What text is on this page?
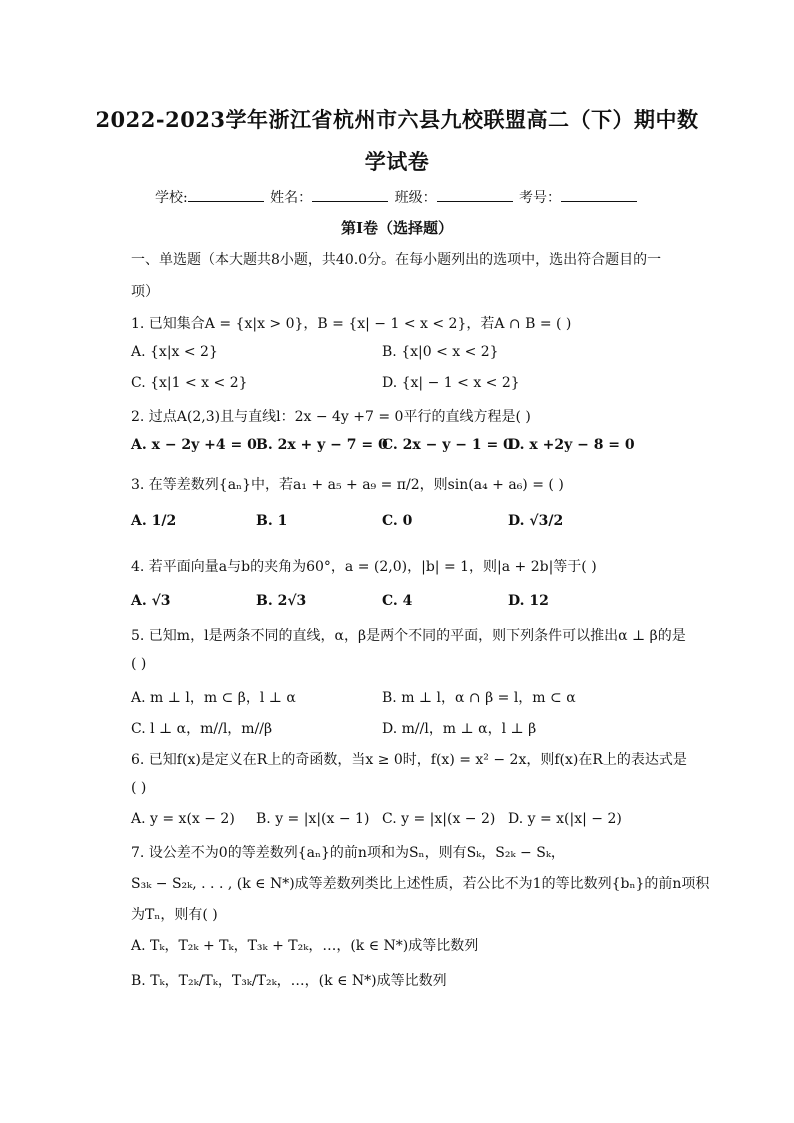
2022-2023学年浙江省杭州市六县九校联盟高二（下）期中数
学试卷
学校:	姓名：	班级：	考号：
第I卷（选择题）
一、单选题（本大题共8小题，共40.0分。在每小题列出的选项中，选出符合题目的一
项）
1. 已知集合A = {x|x > 0}，B = {x| − 1 < x < 2}，若A ∩ B = ( )
A. {x|x < 2}	B. {x|0 < x < 2}
C. {x|1 < x < 2}	D. {x| − 1 < x < 2}
2. 过点A(2,3)且与直线l：2x − 4y +7 = 0平行的直线方程是( )
A. x − 2y +4 = 0 B. 2x + y − 7 = 0
C. 2x − y − 1 = 0
D. x +2y − 8 = 0
3. 在等差数列{aₙ}中，若a₁ + a₅ + a₉ = π/2，则sin(a₄ + a₆) = ( )
A. 1/2	B. 1	C. 0	D. √3/2
4. 若平面向量a与b的夹角为60°，a = (2,0)，|b| = 1，则|a + 2b|等于( )
A. √3	B. 2√3	C. 4	D. 12
5. 已知m，l是两条不同的直线，α，β是两个不同的平面，则下列条件可以推出α ⊥ β的是
( )
A. m ⊥ l，m ⊂ β，l ⊥ α	B. m ⊥ l，α ∩ β = l，m ⊂ α
C. l ⊥ α，m//l，m//β	D. m//l，m ⊥ α，l ⊥ β
6. 已知f(x)是定义在R上的奇函数，当x ≥ 0时，f(x) = x² − 2x，则f(x)在R上的表达式是
( )
A. y = x(x − 2) B. y = |x|(x − 1) C. y = |x|(x − 2) D. y = x(|x| − 2)
7. 设公差不为0的等差数列{aₙ}的前n项和为Sₙ，则有Sₖ，S₂ₖ − Sₖ，
S₃ₖ − S₂ₖ, . . . , (k ∈ N*)成等差数列类比上述性质，若公比不为1的等比数列{bₙ}的前n项积
为Tₙ，则有( )
A. Tₖ，T₂ₖ + Tₖ，T₃ₖ + T₂ₖ，…，(k ∈ N*)成等比数列
B. Tₖ，T₂ₖ/Tₖ，T₃ₖ/T₂ₖ，…，(k ∈ N*)成等比数列
